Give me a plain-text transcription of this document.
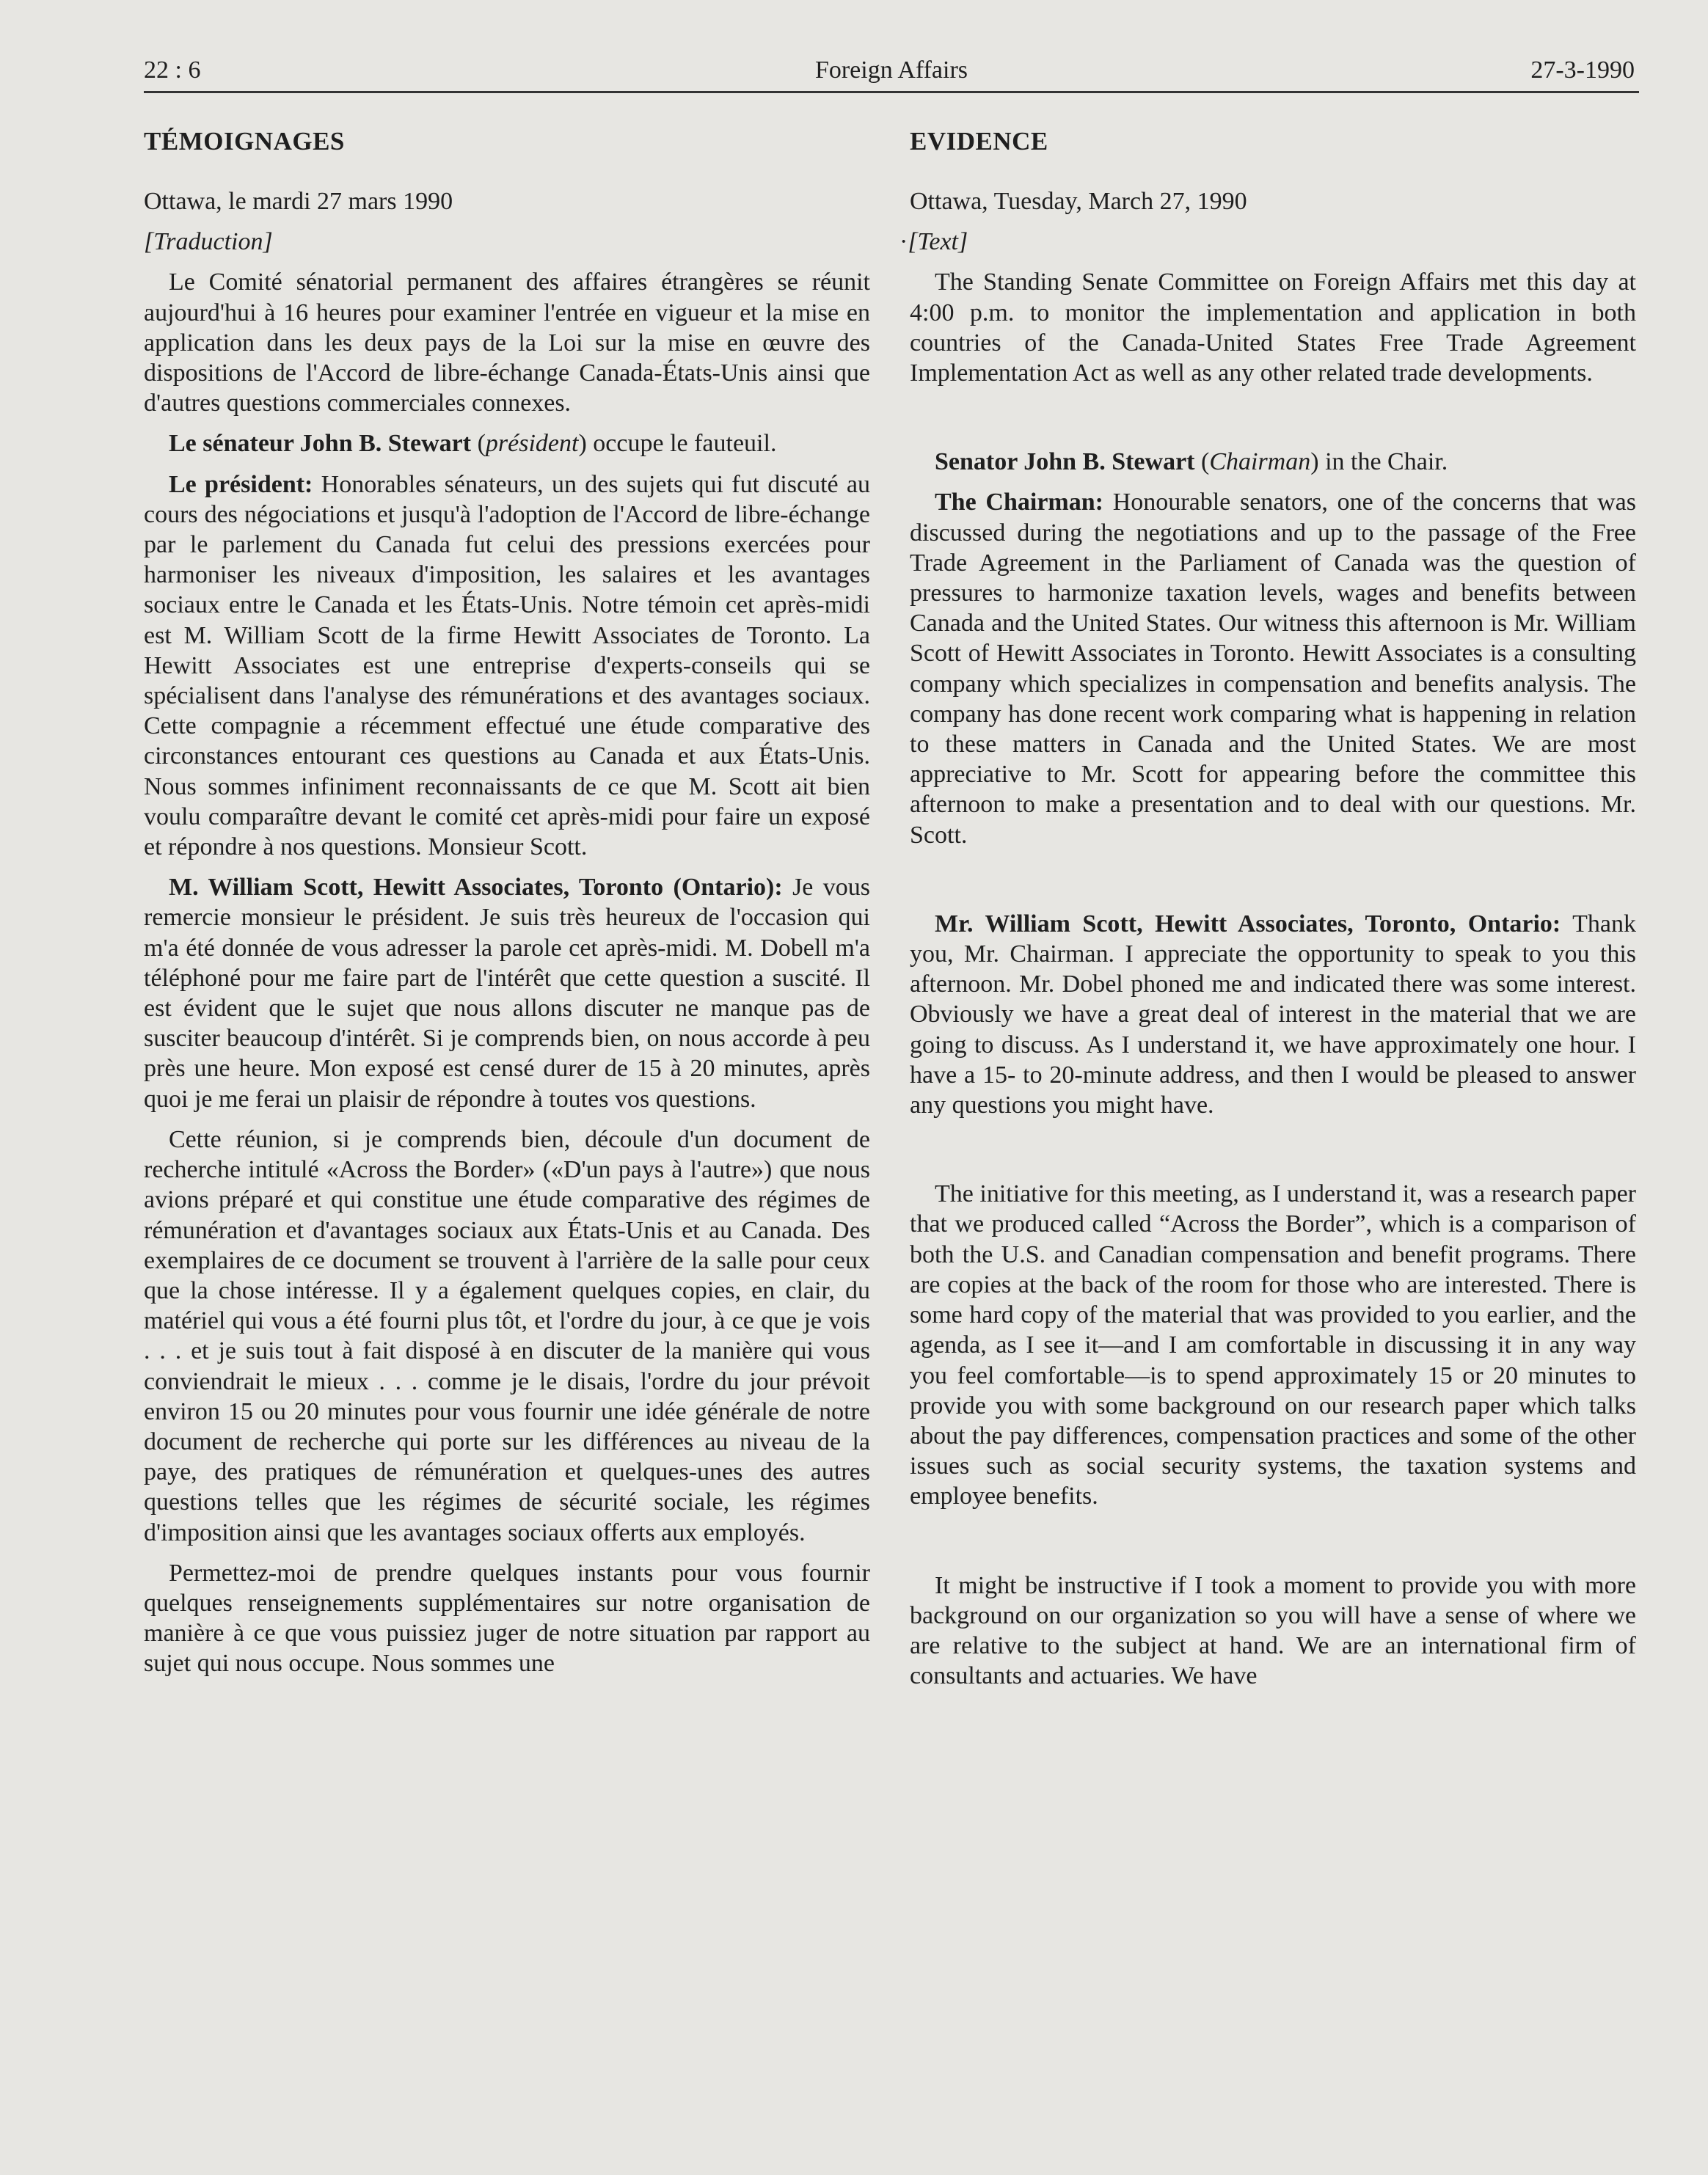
22 : 6	Foreign Affairs	27-3-1990
TÉMOIGNAGES

Ottawa, le mardi 27 mars 1990

[Traduction]

Le Comité sénatorial permanent des affaires étrangères se réunit aujourd'hui à 16 heures pour examiner l'entrée en vigueur et la mise en application dans les deux pays de la Loi sur la mise en œuvre des dispositions de l'Accord de libre-échange Canada-États-Unis ainsi que d'autres questions commerciales connexes.

Le sénateur John B. Stewart (président) occupe le fauteuil.

Le président: Honorables sénateurs, un des sujets qui fut discuté au cours des négociations et jusqu'à l'adoption de l'Accord de libre-échange par le parlement du Canada fut celui des pressions exercées pour harmoniser les niveaux d'imposition, les salaires et les avantages sociaux entre le Canada et les États-Unis. Notre témoin cet après-midi est M. William Scott de la firme Hewitt Associates de Toronto. La Hewitt Associates est une entreprise d'experts-conseils qui se spécialisent dans l'analyse des rémunérations et des avantages sociaux. Cette compagnie a récemment effectué une étude comparative des circonstances entourant ces questions au Canada et aux États-Unis. Nous sommes infiniment reconnaissants de ce que M. Scott ait bien voulu comparaître devant le comité cet après-midi pour faire un exposé et répondre à nos questions. Monsieur Scott.

M. William Scott, Hewitt Associates, Toronto (Ontario): Je vous remercie monsieur le président. Je suis très heureux de l'occasion qui m'a été donnée de vous adresser la parole cet après-midi. M. Dobell m'a téléphoné pour me faire part de l'intérêt que cette question a suscité. Il est évident que le sujet que nous allons discuter ne manque pas de susciter beaucoup d'intérêt. Si je comprends bien, on nous accorde à peu près une heure. Mon exposé est censé durer de 15 à 20 minutes, après quoi je me ferai un plaisir de répondre à toutes vos questions.

Cette réunion, si je comprends bien, découle d'un document de recherche intitulé «Across the Border» («D'un pays à l'autre») que nous avions préparé et qui constitue une étude comparative des régimes de rémunération et d'avantages sociaux aux États-Unis et au Canada. Des exemplaires de ce document se trouvent à l'arrière de la salle pour ceux que la chose intéresse. Il y a également quelques copies, en clair, du matériel qui vous a été fourni plus tôt, et l'ordre du jour, à ce que je vois . . . et je suis tout à fait disposé à en discuter de la manière qui vous conviendrait le mieux . . . comme je le disais, l'ordre du jour prévoit environ 15 ou 20 minutes pour vous fournir une idée générale de notre document de recherche qui porte sur les différences au niveau de la paye, des pratiques de rémunération et quelques-unes des autres questions telles que les régimes de sécurité sociale, les régimes d'imposition ainsi que les avantages sociaux offerts aux employés.

Permettez-moi de prendre quelques instants pour vous fournir quelques renseignements supplémentaires sur notre organisation de manière à ce que vous puissiez juger de notre situation par rapport au sujet qui nous occupe. Nous sommes une

EVIDENCE

Ottawa, Tuesday, March 27, 1990

·[Text]

The Standing Senate Committee on Foreign Affairs met this day at 4:00 p.m. to monitor the implementation and application in both countries of the Canada-United States Free Trade Agreement Implementation Act as well as any other related trade developments.

Senator John B. Stewart (Chairman) in the Chair.

The Chairman: Honourable senators, one of the concerns that was discussed during the negotiations and up to the passage of the Free Trade Agreement in the Parliament of Canada was the question of pressures to harmonize taxation levels, wages and benefits between Canada and the United States. Our witness this afternoon is Mr. William Scott of Hewitt Associates in Toronto. Hewitt Associates is a consulting company which specializes in compensation and benefits analysis. The company has done recent work comparing what is happening in relation to these matters in Canada and the United States. We are most appreciative to Mr. Scott for appearing before the committee this afternoon to make a presentation and to deal with our questions. Mr. Scott.

Mr. William Scott, Hewitt Associates, Toronto, Ontario: Thank you, Mr. Chairman. I appreciate the opportunity to speak to you this afternoon. Mr. Dobel phoned me and indicated there was some interest. Obviously we have a great deal of interest in the material that we are going to discuss. As I understand it, we have approximately one hour. I have a 15- to 20-minute address, and then I would be pleased to answer any questions you might have.

The initiative for this meeting, as I understand it, was a research paper that we produced called “Across the Border”, which is a comparison of both the U.S. and Canadian compensation and benefit programs. There are copies at the back of the room for those who are interested. There is some hard copy of the material that was provided to you earlier, and the agenda, as I see it—and I am comfortable in discussing it in any way you feel comfortable—is to spend approximately 15 or 20 minutes to provide you with some background on our research paper which talks about the pay differences, compensation practices and some of the other issues such as social security systems, the taxation systems and employee benefits.

It might be instructive if I took a moment to provide you with more background on our organization so you will have a sense of where we are relative to the subject at hand. We are an international firm of consultants and actuaries. We have
